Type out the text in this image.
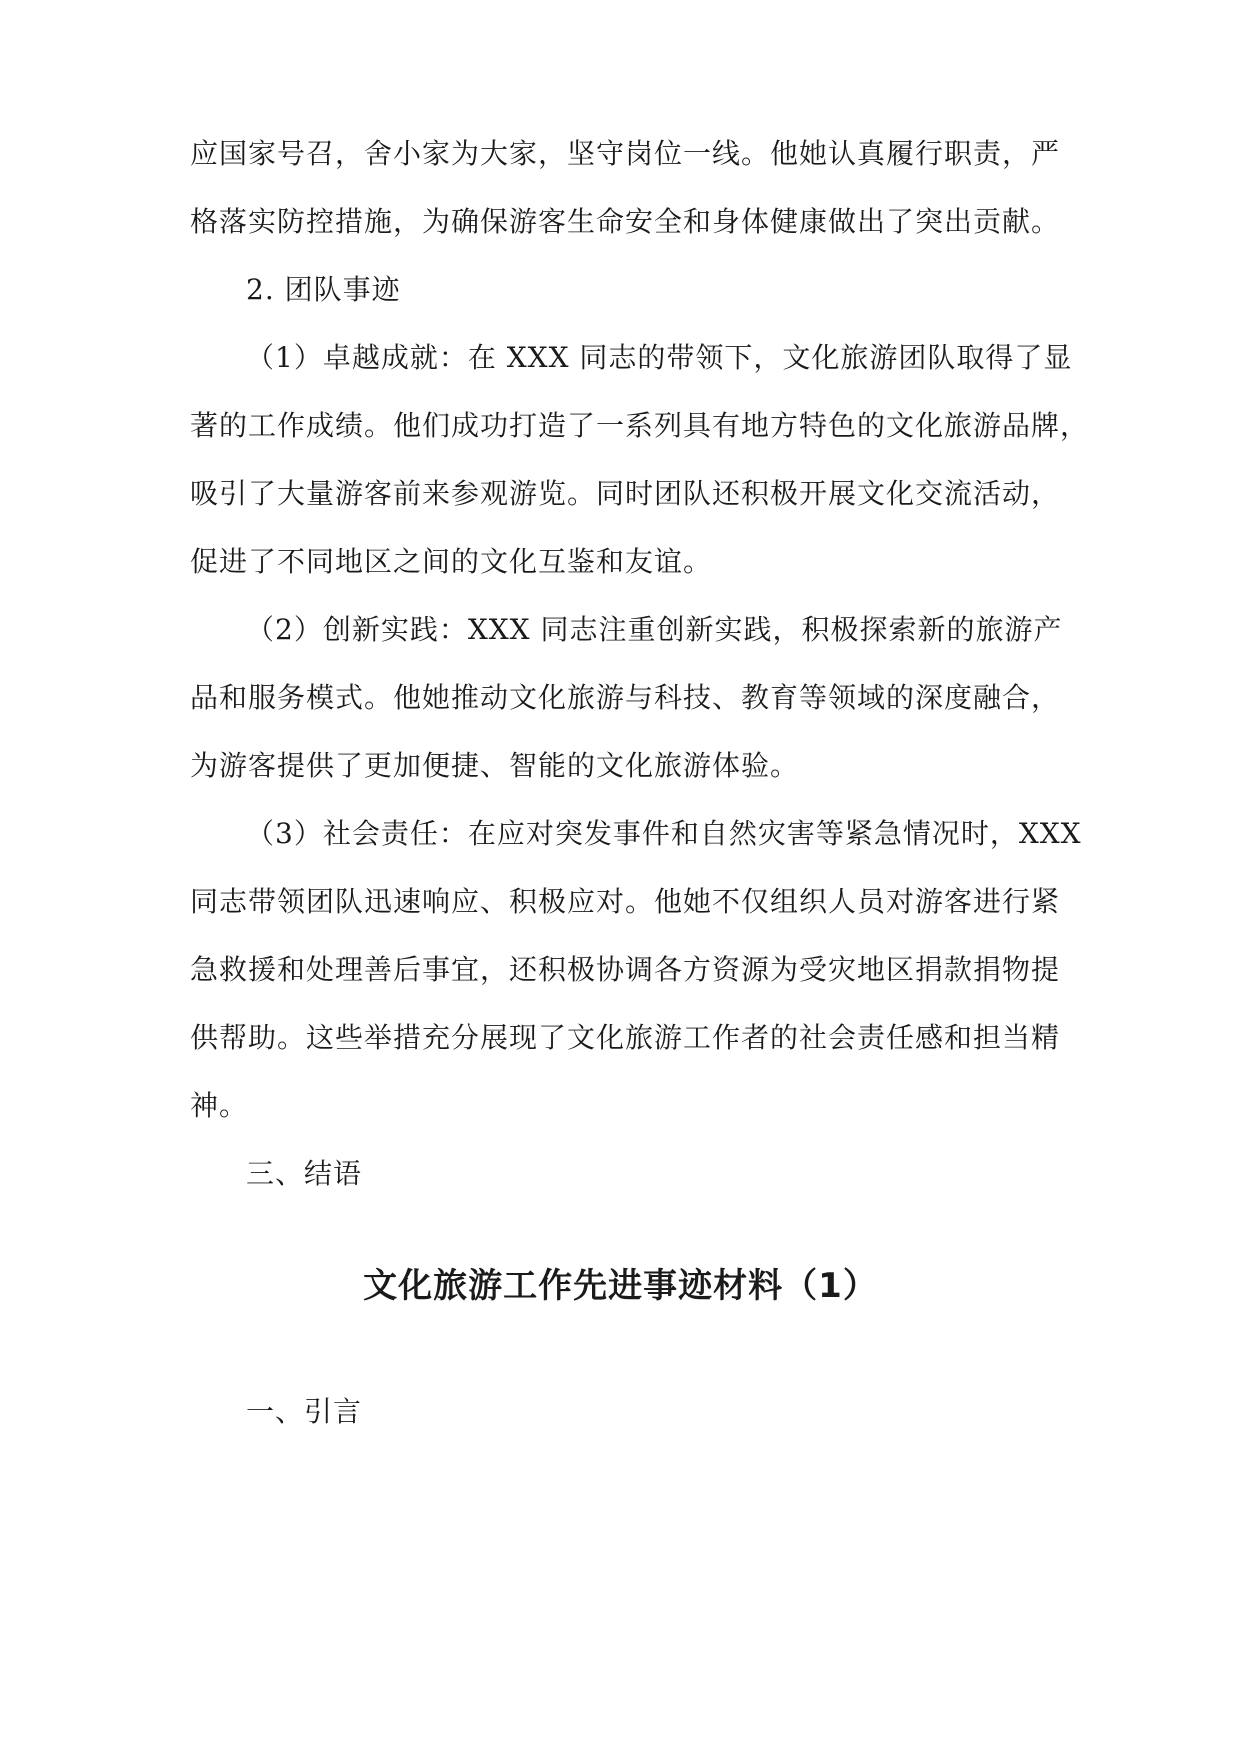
应国家号召，舍小家为大家，坚守岗位一线。他她认真履行职责，严
格落实防控措施，为确保游客生命安全和身体健康做出了突出贡献。
2. 团队事迹
（1）卓越成就：在 XXX 同志的带领下，文化旅游团队取得了显
著的工作成绩。他们成功打造了一系列具有地方特色的文化旅游品牌，
吸引了大量游客前来参观游览。同时团队还积极开展文化交流活动，
促进了不同地区之间的文化互鉴和友谊。
（2）创新实践：XXX 同志注重创新实践，积极探索新的旅游产
品和服务模式。他她推动文化旅游与科技、教育等领域的深度融合，
为游客提供了更加便捷、智能的文化旅游体验。
（3）社会责任：在应对突发事件和自然灾害等紧急情况时，XXX
同志带领团队迅速响应、积极应对。他她不仅组织人员对游客进行紧
急救援和处理善后事宜，还积极协调各方资源为受灾地区捐款捐物提
供帮助。这些举措充分展现了文化旅游工作者的社会责任感和担当精
神。
三、结语
文化旅游工作先进事迹材料（1）
一、引言
